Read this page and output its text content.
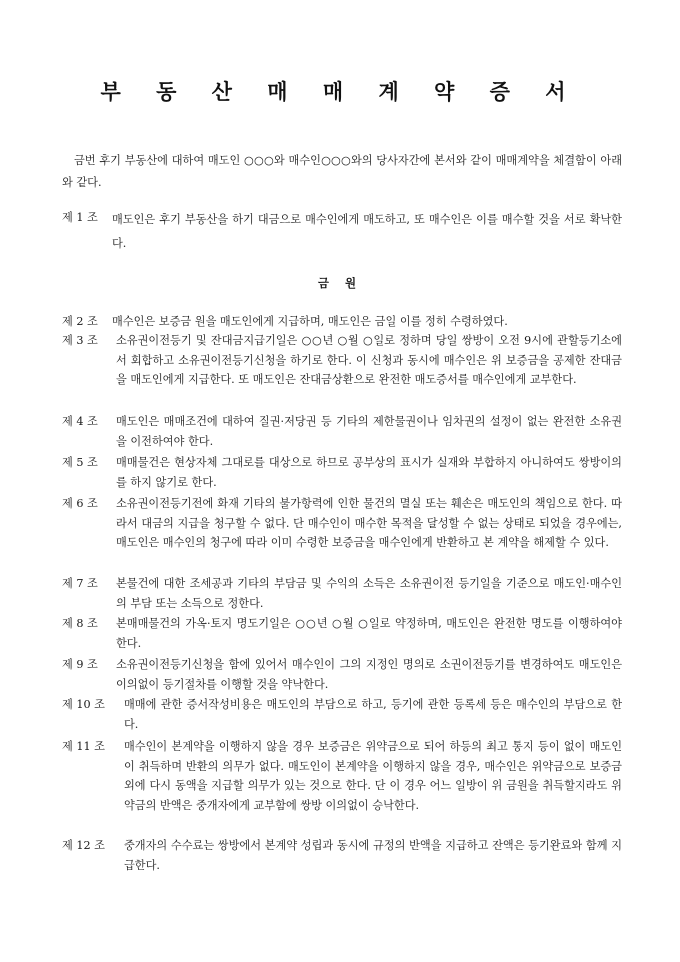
부 동 산 매 매 계 약 증 서
금번 후기 부동산에 대하여 매도인 ○○○와 매수인○○○와의 당사자간에 본서와 같이 매매계약을 체결함이 아래와 같다.
제 1 조	매도인은 후기 부동산을 하기 대금으로 매수인에게 매도하고, 또 매수인은 이를 매수할 것을 서로 확낙한다.
금 원
제 2 조	매수인은 보증금 원을 매도인에게 지급하며, 매도인은 금일 이를 정히 수령하였다.
제 3 조	소유권이전등기 및 잔대금지급기일은 ○○년 ○월 ○일로 정하며 당일 쌍방이 오전 9시에 관할등기소에서 회합하고 소유권이전등기신청을 하기로 한다. 이 신청과 동시에 매수인은 위 보증금을 공제한 잔대금을 매도인에게 지급한다. 또 매도인은 잔대금상환으로 완전한 매도증서를 매수인에게 교부한다.
제 4 조	매도인은 매매조건에 대하여 질권·저당권 등 기타의 제한물권이나 임차권의 설정이 없는 완전한 소유권을 이전하여야 한다.
제 5 조	매매물건은 현상자체 그대로를 대상으로 하므로 공부상의 표시가 실재와 부합하지 아니하여도 쌍방이의를 하지 않기로 한다.
제 6 조	소유권이전등기전에 화재 기타의 불가항력에 인한 물건의 멸실 또는 훼손은 매도인의 책임으로 한다. 따라서 대금의 지급을 청구할 수 없다. 단 매수인이 매수한 목적을 달성할 수 없는 상태로 되었을 경우에는, 매도인은 매수인의 청구에 따라 이미 수령한 보증금을 매수인에게 반환하고 본 계약을 해제할 수 있다.
제 7 조	본물건에 대한 조세공과 기타의 부담금 및 수익의 소득은 소유권이전 등기일을 기준으로 매도인·매수인의 부담 또는 소득으로 정한다.
제 8 조	본매매물건의 가옥·토지 명도기일은 ○○년 ○월 ○일로 약정하며, 매도인은 완전한 명도를 이행하여야 한다.
제 9 조	소유권이전등기신청을 함에 있어서 매수인이 그의 지정인 명의로 소권이전등기를 변경하여도 매도인은 이의없이 등기절차를 이행할 것을 약낙한다.
제 10 조	매매에 관한 증서작성비용은 매도인의 부담으로 하고, 등기에 관한 등록세 등은 매수인의 부담으로 한다.
제 11 조	매수인이 본계약을 이행하지 않을 경우 보증금은 위약금으로 되어 하등의 최고 통지 등이 없이 매도인이 취득하며 반환의 의무가 없다. 매도인이 본계약을 이행하지 않을 경우, 매수인은 위약금으로 보증금 외에 다시 동액을 지급할 의무가 있는 것으로 한다. 단 이 경우 어느 일방이 위 금원을 취득할지라도 위약금의 반액은 중개자에게 교부함에 쌍방 이의없이 승낙한다.
제 12 조	중개자의 수수료는 쌍방에서 본계약 성립과 동시에 규정의 반액을 지급하고 잔액은 등기완료와 함께 지급한다.
